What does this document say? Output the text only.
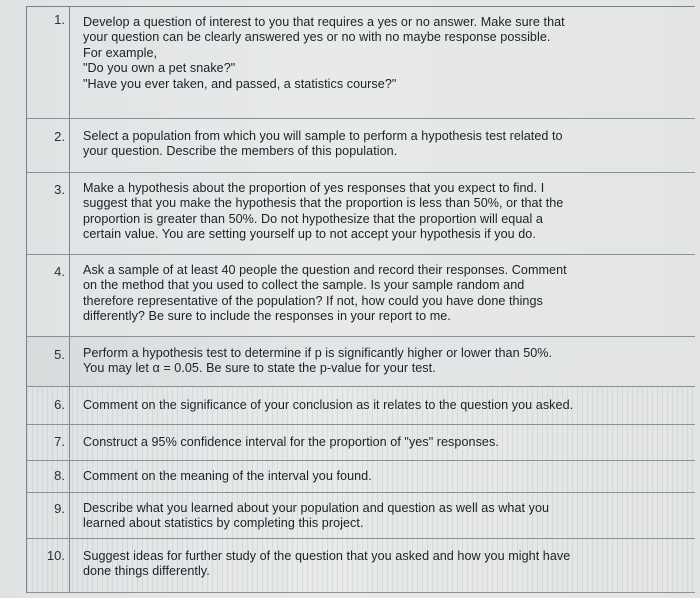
1.	Develop a question of interest to you that requires a yes or no answer. Make sure that

your question can be clearly answered yes or no with no maybe response possible.

For example,

"Do you own a pet snake?"

"Have you ever taken, and passed, a statistics course?"

2.	Select a population from which you will sample to perform a hypothesis test related to

your question. Describe the members of this population.

3.	Make a hypothesis about the proportion of yes responses that you expect to find. I

suggest that you make the hypothesis that the proportion is less than 50%, or that the

proportion is greater than 50%. Do not hypothesize that the proportion will equal a

certain value. You are setting yourself up to not accept your hypothesis if you do.

4.	Ask a sample of at least 40 people the question and record their responses. Comment

on the method that you used to collect the sample. Is your sample random and

therefore representative of the population? If not, how could you have done things

differently? Be sure to include the responses in your report to me.

5.	Perform a hypothesis test to determine if p is significantly higher or lower than 50%.

You may let α = 0.05. Be sure to state the p-value for your test.

6.	Comment on the significance of your conclusion as it relates to the question you asked.

7.	Construct a 95% confidence interval for the proportion of "yes" responses.

8.	Comment on the meaning of the interval you found.

9.	Describe what you learned about your population and question as well as what you

learned about statistics by completing this project.

10.	Suggest ideas for further study of the question that you asked and how you might have

done things differently.
